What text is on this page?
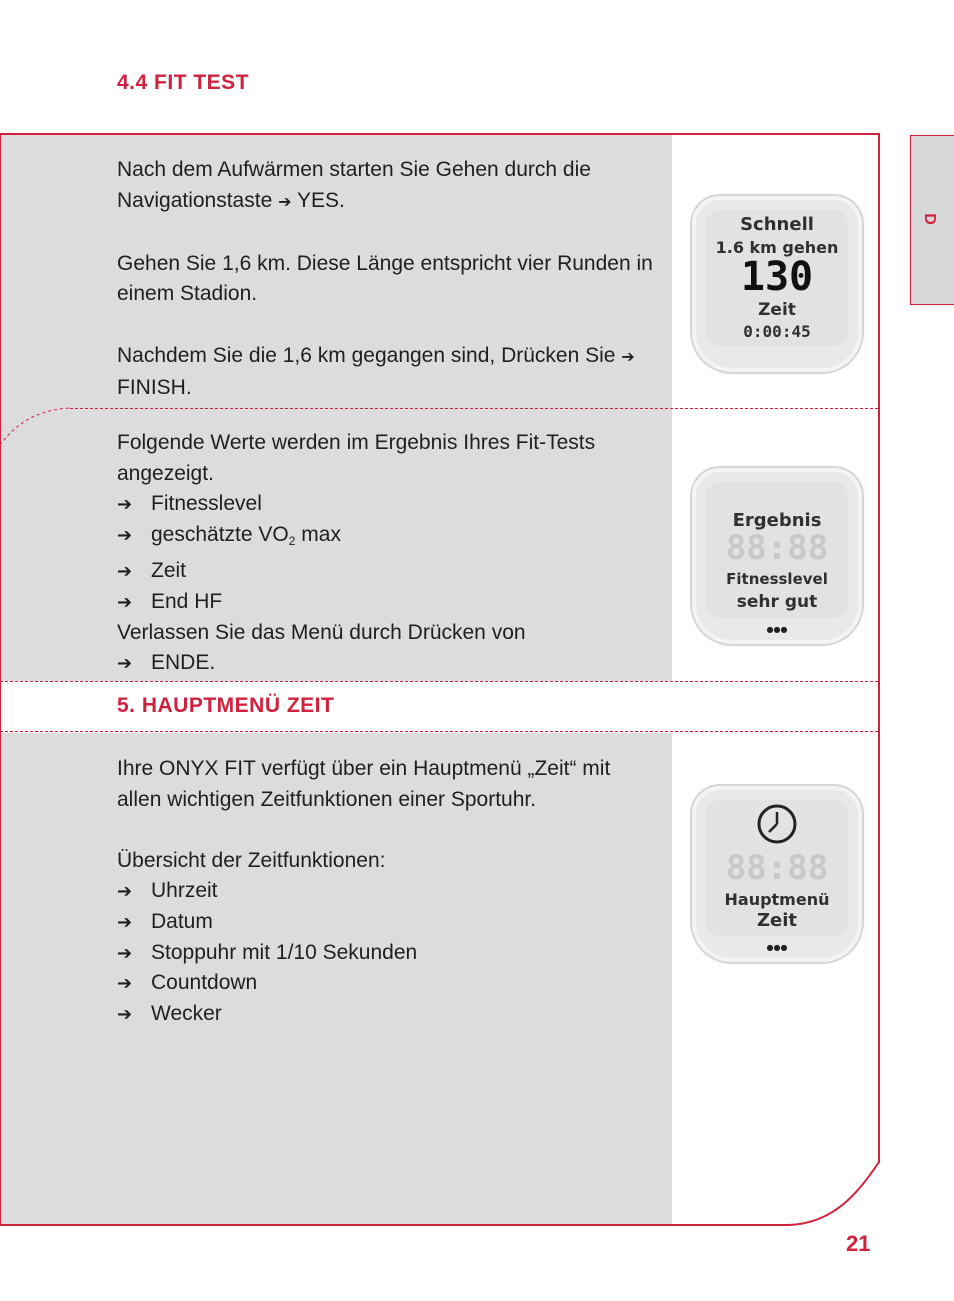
4.4 FIT TEST
5. HAUPTMENÜ ZEIT

Nach dem Aufwärmen starten Sie Gehen durch die Navigationstaste ➔ YES.

Gehen Sie 1,6 km. Diese Länge entspricht vier Runden in einem Stadion.

Nachdem Sie die 1,6 km gegangen sind, Drücken Sie ➔ FINISH.

Folgende Werte werden im Ergebnis Ihres Fit-Tests angezeigt.

➔ Fitnesslevel

➔ geschätzte $VO_2$ max

➔ Zeit

➔ End HF

Verlassen Sie das Menü durch Drücken von

➔ ENDE.

Ihre ONYX FIT verfügt über ein Hauptmenü „Zeit“ mit allen wichtigen Zeitfunktionen einer Sportuhr.

Übersicht der Zeitfunktionen:

➔ Uhrzeit

➔ Datum

➔ Stoppuhr mit 1/10 Sekunden

➔ Countdown

➔ Wecker

Schnell
1.6 km gehen
130
Zeit
0:00:45
Ergebnis
88:88
Fitnesslevel
sehr gut
●●●
88:88
Hauptmenü
Zeit
●●●
D
21
